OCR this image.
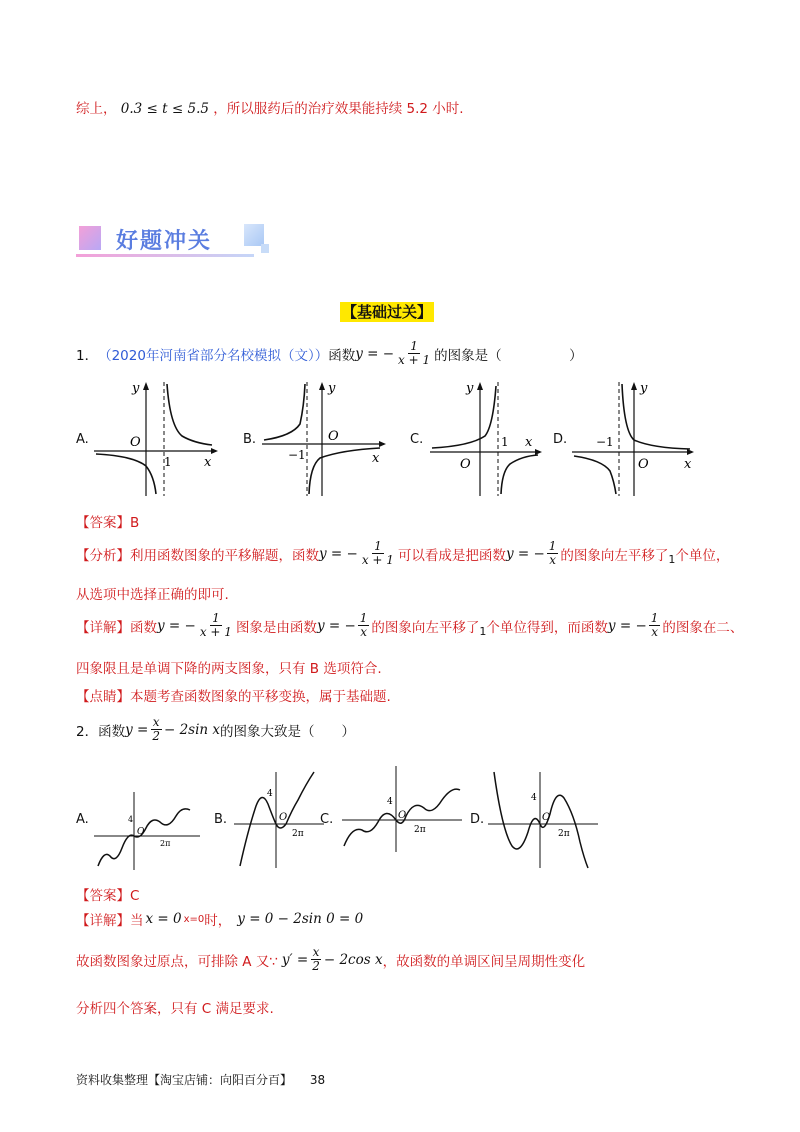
综上， 0.3 ≤ t ≤ 5.5 ，所以服药后的治疗效果能持续 5.2 小时.
好题冲关
【基础过关】
1． （2020年河南省部分名校模拟（文）） 函数 y = − $\frac{1}{x + 1}$ 的图象是（　　　　　）
A.	B.	C.	D.
O
1 x
y
O
−1	x
y
O
1 x
y
O
−1
x
y
【答案】B
【分析】 利用函数图象的平移解题，函数 y = − $\frac{1}{x + 1}$ 可以看成是把函数 y = − $\frac{1}{x}$ 的图象向左平移了 1 个单位，
从选项中选择正确的即可.
【详解】 函数 y = − $\frac{1}{x + 1}$ 图象是由函数 y = − $\frac{1}{x}$ 的图象向左平移了 1 个单位得到，而函数 y = − $\frac{1}{x}$ 的图象在二、
四象限且是单调下降的两支图象，只有 B 选项符合.
【点睛】本题考查函数图象的平移变换，属于基础题.
2． 函数 $y = \frac{x}{2} - 2\sin$ x 的图象大致是（　　）
A.	B.	C.	D.
4
O
2π
4
O
2π
4
O
2π
4
O
2π
【答案】C
【详解】 当 x = 0 x=0 时， y = 0 − 2sin 0 = 0
故函数图象过原点，可排除 A 又∵ $y' = \frac{x}{2} - 2\cos$ x ，故函数的单调区间呈周期性变化
分析四个答案，只有 C 满足要求.
资料收集整理【淘宝店铺：向阳百分百】 38
